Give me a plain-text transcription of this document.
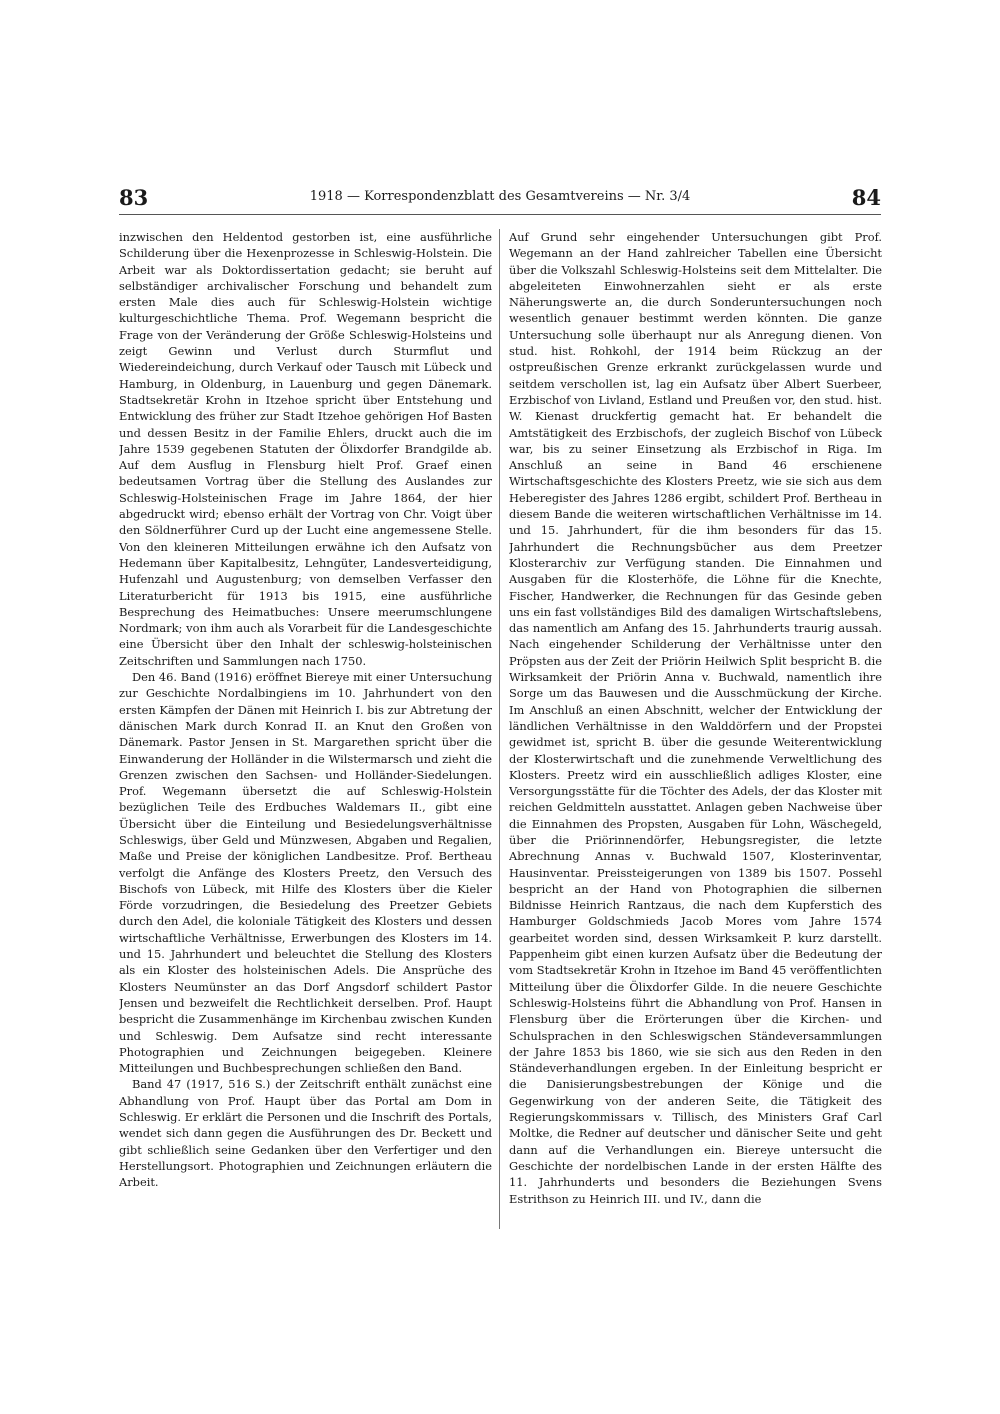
83	1918 — Korrespondenzblatt des Gesamtvereins — Nr. 3/4	84

inzwischen den Heldentod gestorben ist, eine ausführliche Schilderung über die Hexenprozesse in Schleswig-Holstein. Die Arbeit war als Doktordissertation gedacht; sie beruht auf selbständiger archivalischer Forschung und behandelt zum ersten Male dies auch für Schleswig-Holstein wichtige kulturgeschichtliche Thema. Prof. Wegemann bespricht die Frage von der Veränderung der Größe Schleswig-Holsteins und zeigt Gewinn und Verlust durch Sturmflut und Wiedereindeichung, durch Verkauf oder Tausch mit Lübeck und Hamburg, in Oldenburg, in Lauenburg und gegen Dänemark. Stadtsekretär Krohn in Itzehoe spricht über Entstehung und Entwicklung des früher zur Stadt Itzehoe gehörigen Hof Basten und dessen Besitz in der Familie Ehlers, druckt auch die im Jahre 1539 gegebenen Statuten der Ölixdorfer Brandgilde ab. Auf dem Ausflug in Flensburg hielt Prof. Graef einen bedeutsamen Vortrag über die Stellung des Auslandes zur Schleswig-Holsteinischen Frage im Jahre 1864, der hier abgedruckt wird; ebenso erhält der Vortrag von Chr. Voigt über den Söldnerführer Curd up der Lucht eine angemessene Stelle. Von den kleineren Mitteilungen erwähne ich den Aufsatz von Hedemann über Kapitalbesitz, Lehngüter, Landesverteidigung, Hufenzahl und Augustenburg; von demselben Verfasser den Literaturbericht für 1913 bis 1915, eine ausführliche Besprechung des Heimatbuches: Unsere meerumschlungene Nordmark; von ihm auch als Vorarbeit für die Landesgeschichte eine Übersicht über den Inhalt der schleswig-holsteinischen Zeitschriften und Sammlungen nach 1750.

Den 46. Band (1916) eröffnet Biereye mit einer Untersuchung zur Geschichte Nordalbingiens im 10. Jahrhundert von den ersten Kämpfen der Dänen mit Heinrich I. bis zur Abtretung der dänischen Mark durch Konrad II. an Knut den Großen von Dänemark. Pastor Jensen in St. Margarethen spricht über die Einwanderung der Holländer in die Wilstermarsch und zieht die Grenzen zwischen den Sachsen- und Holländer-Siedelungen. Prof. Wegemann übersetzt die auf Schleswig-Holstein bezüglichen Teile des Erdbuches Waldemars II., gibt eine Übersicht über die Einteilung und Besiedelungsverhältnisse Schleswigs, über Geld und Münzwesen, Abgaben und Regalien, Maße und Preise der königlichen Landbesitze. Prof. Bertheau verfolgt die Anfänge des Klosters Preetz, den Versuch des Bischofs von Lübeck, mit Hilfe des Klosters über die Kieler Förde vorzudringen, die Besiedelung des Preetzer Gebiets durch den Adel, die koloniale Tätigkeit des Klosters und dessen wirtschaftliche Verhältnisse, Erwerbungen des Klosters im 14. und 15. Jahrhundert und beleuchtet die Stellung des Klosters als ein Kloster des holsteinischen Adels. Die Ansprüche des Klosters Neumünster an das Dorf Angsdorf schildert Pastor Jensen und bezweifelt die Rechtlichkeit derselben. Prof. Haupt bespricht die Zusammenhänge im Kirchenbau zwischen Kunden und Schleswig. Dem Aufsatze sind recht interessante Photographien und Zeichnungen beigegeben. Kleinere Mitteilungen und Buchbesprechungen schließen den Band.

Band 47 (1917, 516 S.) der Zeitschrift enthält zunächst eine Abhandlung von Prof. Haupt über das Portal am Dom in Schleswig. Er erklärt die Personen und die Inschrift des Portals, wendet sich dann gegen die Ausführungen des Dr. Beckett und gibt schließlich seine Gedanken über den Verfertiger und den Herstellungsort. Photographien und Zeichnungen erläutern die Arbeit.

Auf Grund sehr eingehender Untersuchungen gibt Prof. Wegemann an der Hand zahlreicher Tabellen eine Übersicht über die Volkszahl Schleswig-Holsteins seit dem Mittelalter. Die abgeleiteten Einwohnerzahlen sieht er als erste Näherungswerte an, die durch Sonderuntersuchungen noch wesentlich genauer bestimmt werden könnten. Die ganze Untersuchung solle überhaupt nur als Anregung dienen. Von stud. hist. Rohkohl, der 1914 beim Rückzug an der ostpreußischen Grenze erkrankt zurückgelassen wurde und seitdem verschollen ist, lag ein Aufsatz über Albert Suerbeer, Erzbischof von Livland, Estland und Preußen vor, den stud. hist. W. Kienast druckfertig gemacht hat. Er behandelt die Amtstätigkeit des Erzbischofs, der zugleich Bischof von Lübeck war, bis zu seiner Einsetzung als Erzbischof in Riga. Im Anschluß an seine in Band 46 erschienene Wirtschaftsgeschichte des Klosters Preetz, wie sie sich aus dem Heberegister des Jahres 1286 ergibt, schildert Prof. Bertheau in diesem Bande die weiteren wirtschaftlichen Verhältnisse im 14. und 15. Jahrhundert, für die ihm besonders für das 15. Jahrhundert die Rechnungsbücher aus dem Preetzer Klosterarchiv zur Verfügung standen. Die Einnahmen und Ausgaben für die Klosterhöfe, die Löhne für die Knechte, Fischer, Handwerker, die Rechnungen für das Gesinde geben uns ein fast vollständiges Bild des damaligen Wirtschaftslebens, das namentlich am Anfang des 15. Jahrhunderts traurig aussah. Nach eingehender Schilderung der Verhältnisse unter den Pröpsten aus der Zeit der Priörin Heilwich Split bespricht B. die Wirksamkeit der Priörin Anna v. Buchwald, namentlich ihre Sorge um das Bauwesen und die Ausschmückung der Kirche. Im Anschluß an einen Abschnitt, welcher der Entwicklung der ländlichen Verhältnisse in den Walddörfern und der Propstei gewidmet ist, spricht B. über die gesunde Weiterentwicklung der Klosterwirtschaft und die zunehmende Verweltlichung des Klosters. Preetz wird ein ausschließlich adliges Kloster, eine Versorgungsstätte für die Töchter des Adels, der das Kloster mit reichen Geldmitteln ausstattet. Anlagen geben Nachweise über die Einnahmen des Propsten, Ausgaben für Lohn, Wäschegeld, über die Priörinnendörfer, Hebungsregister, die letzte Abrechnung Annas v. Buchwald 1507, Klosterinventar, Hausinventar. Preissteigerungen von 1389 bis 1507. Possehl bespricht an der Hand von Photographien die silbernen Bildnisse Heinrich Rantzaus, die nach dem Kupferstich des Hamburger Goldschmieds Jacob Mores vom Jahre 1574 gearbeitet worden sind, dessen Wirksamkeit P. kurz darstellt. Pappenheim gibt einen kurzen Aufsatz über die Bedeutung der vom Stadtsekretär Krohn in Itzehoe im Band 45 veröffentlichten Mitteilung über die Ölixdorfer Gilde. In die neuere Geschichte Schleswig-Holsteins führt die Abhandlung von Prof. Hansen in Flensburg über die Erörterungen über die Kirchen- und Schulsprachen in den Schleswigschen Ständeversammlungen der Jahre 1853 bis 1860, wie sie sich aus den Reden in den Ständeverhandlungen ergeben. In der Einleitung bespricht er die Danisierungsbestrebungen der Könige und die Gegenwirkung von der anderen Seite, die Tätigkeit des Regierungskommissars v. Tillisch, des Ministers Graf Carl Moltke, die Redner auf deutscher und dänischer Seite und geht dann auf die Verhandlungen ein. Biereye untersucht die Geschichte der nordelbischen Lande in der ersten Hälfte des 11. Jahrhunderts und besonders die Beziehungen Svens Estrithson zu Heinrich III. und IV., dann die
